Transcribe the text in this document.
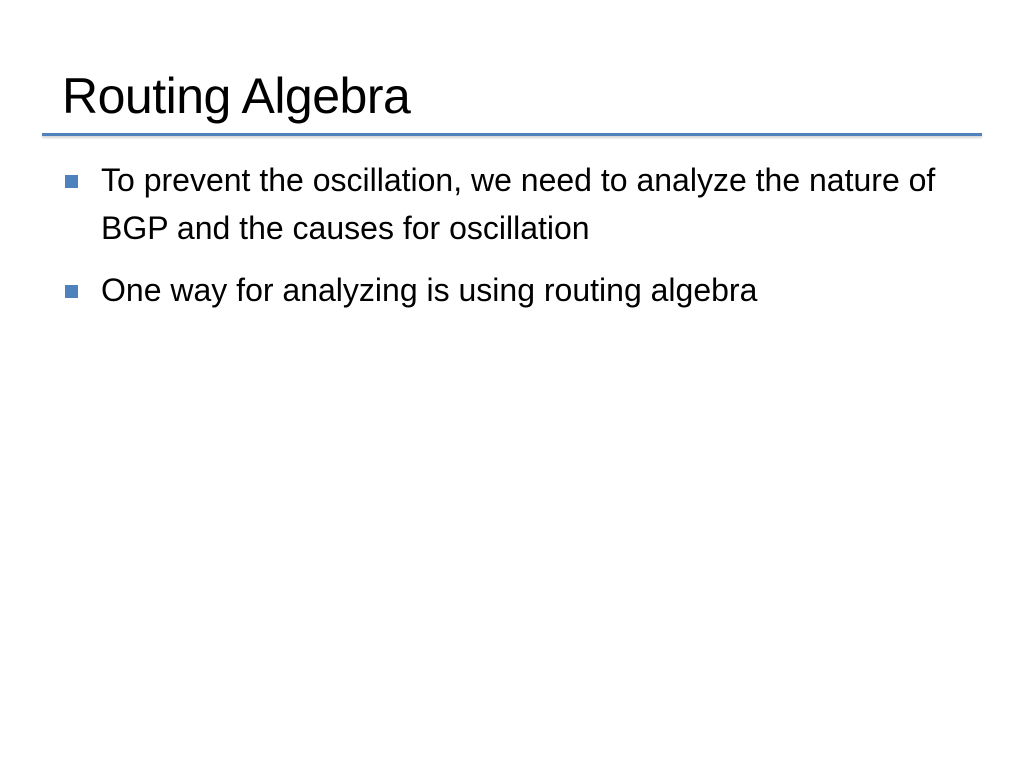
Routing Algebra
To prevent the oscillation, we need to analyze the nature of BGP and the causes for oscillation
One way for analyzing is using routing algebra
